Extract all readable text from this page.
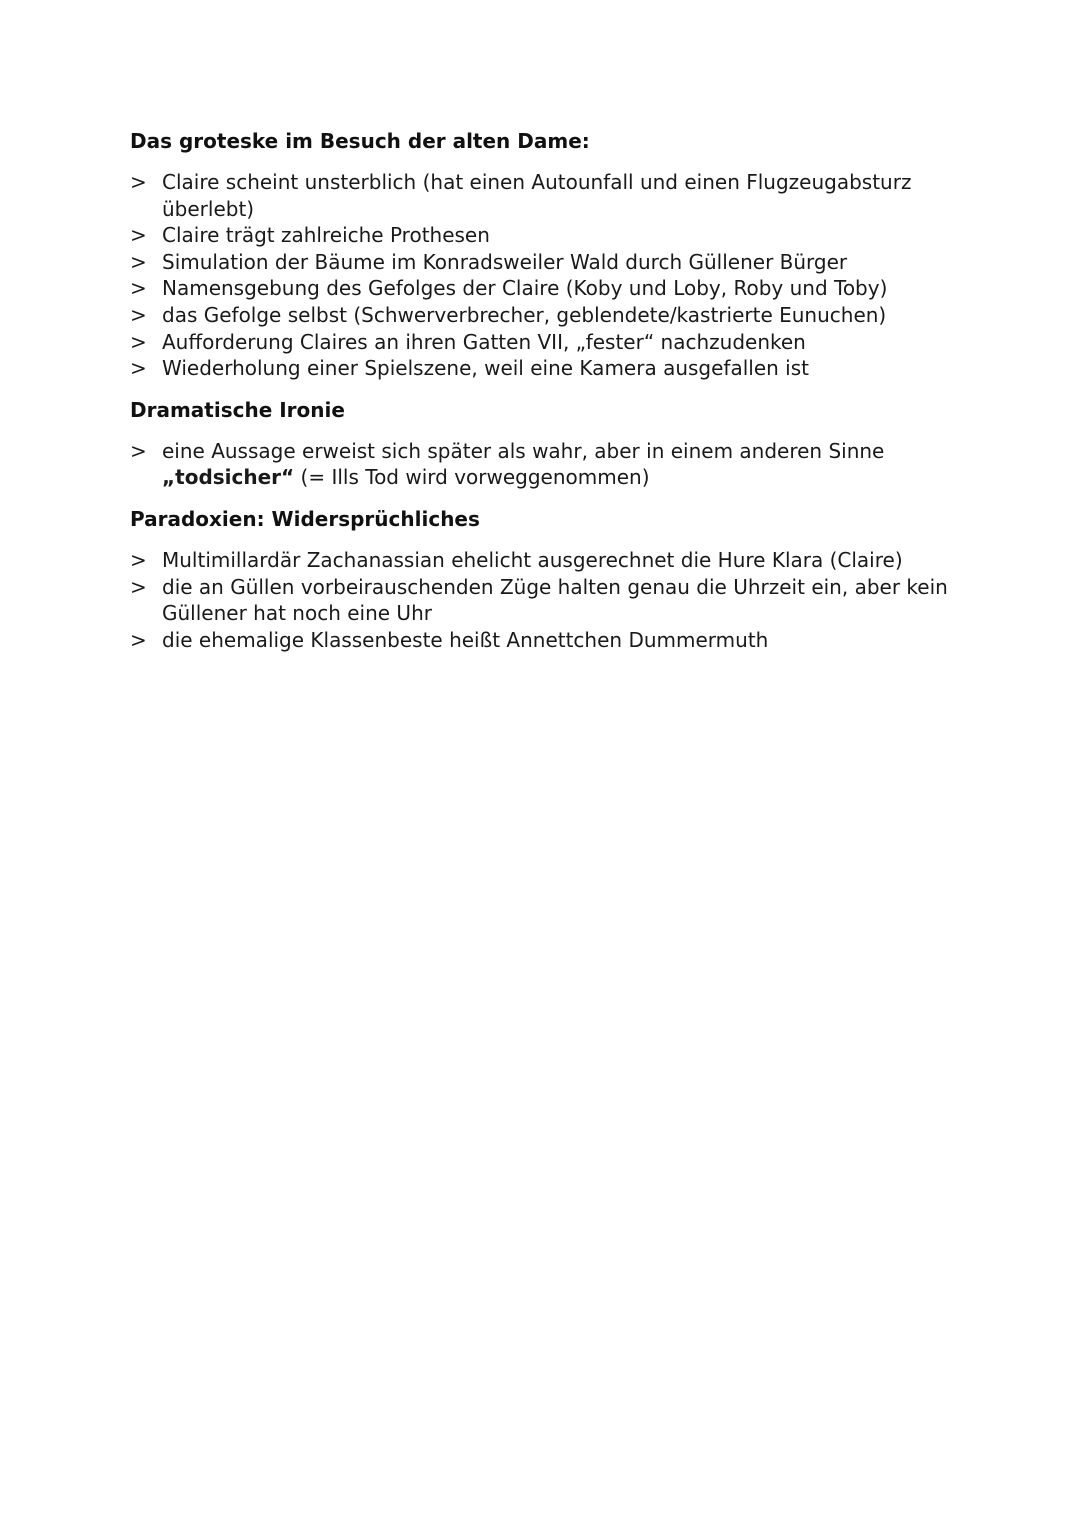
Das groteske im Besuch der alten Dame:
> Claire scheint unsterblich (hat einen Autounfall und einen Flugzeugabsturz überlebt)
> Claire trägt zahlreiche Prothesen
> Simulation der Bäume im Konradsweiler Wald durch Güllener Bürger
> Namensgebung des Gefolges der Claire (Koby und Loby, Roby und Toby)
> das Gefolge selbst (Schwerverbrecher, geblendete/kastrierte Eunuchen)
> Aufforderung Claires an ihren Gatten VII, „fester“ nachzudenken
> Wiederholung einer Spielszene, weil eine Kamera ausgefallen ist
Dramatische Ironie
> eine Aussage erweist sich später als wahr, aber in einem anderen Sinne
„todsicher“ (= Ills Tod wird vorweggenommen)
Paradoxien: Widersprüchliches
> Multimillardär Zachanassian ehelicht ausgerechnet die Hure Klara (Claire)
> die an Güllen vorbeirauschenden Züge halten genau die Uhrzeit ein, aber kein Güllener hat noch eine Uhr
> die ehemalige Klassenbeste heißt Annettchen Dummermuth
